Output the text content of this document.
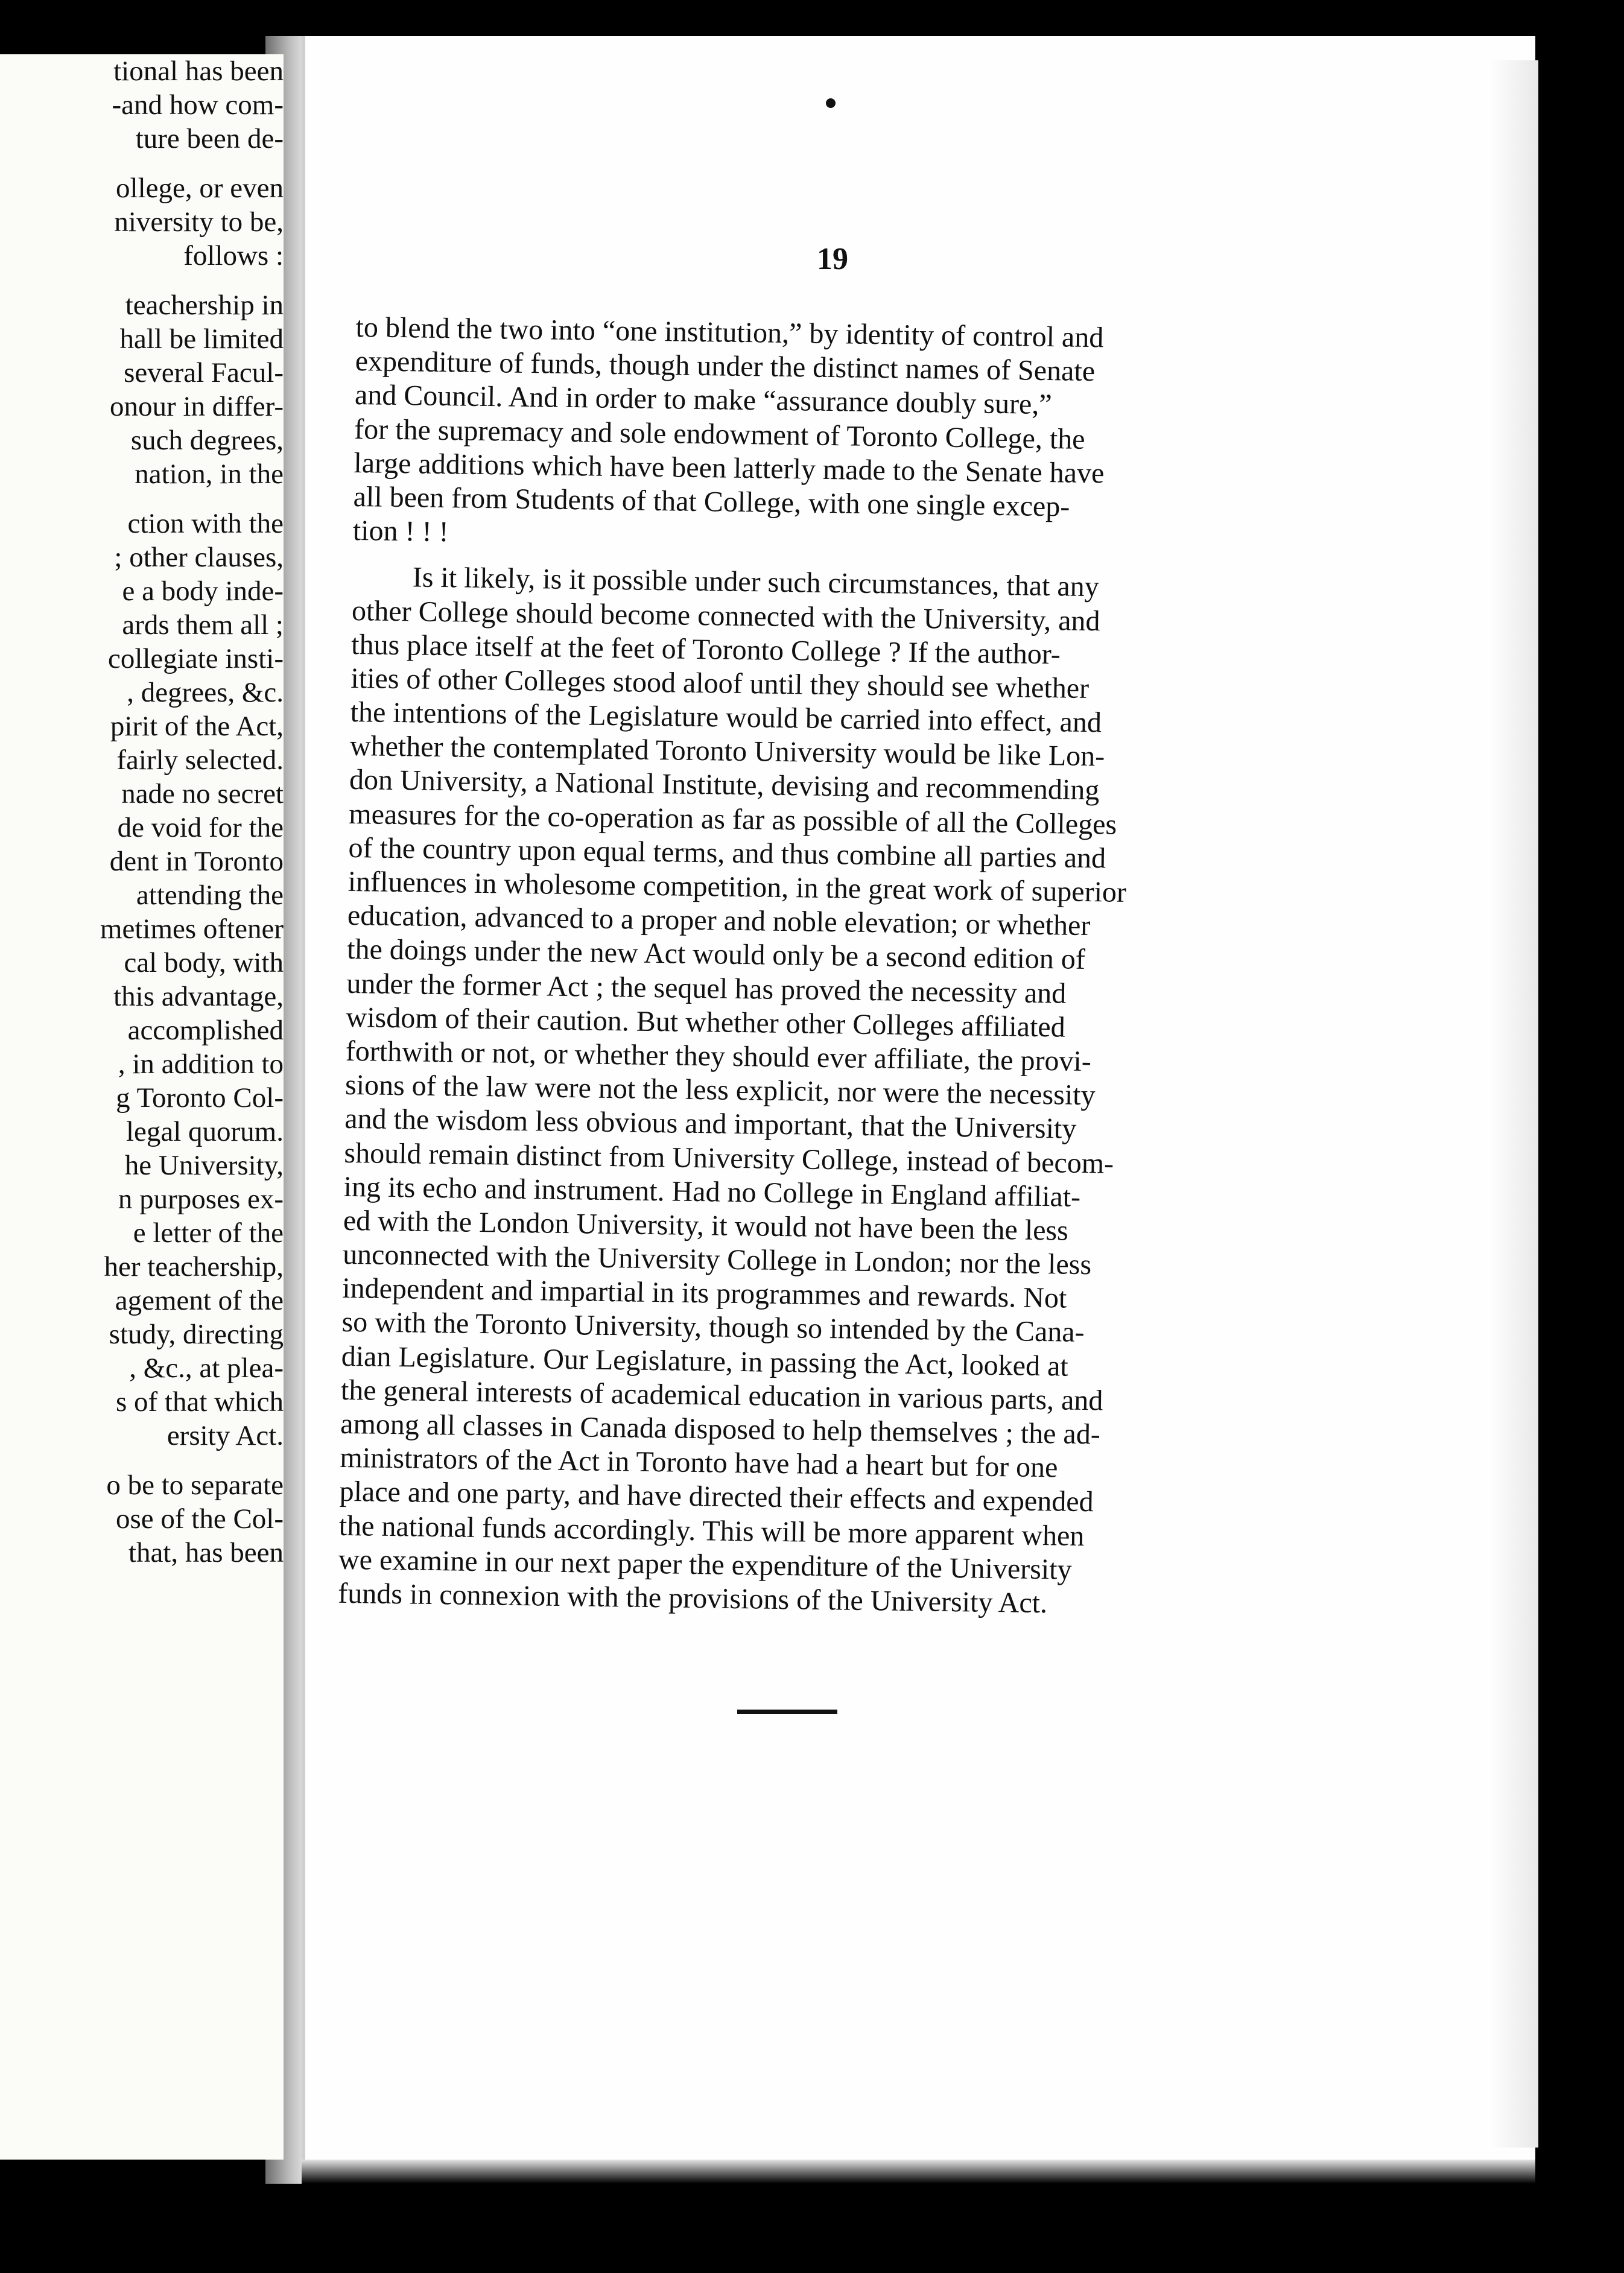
tional has been
-and how com-
ture been de-
ollege, or even
niversity to be,
follows :
teachership in
hall be limited
several Facul-
onour in differ-
such degrees,
nation, in the
ction with the
; other clauses,
e a body inde-
ards them all ;
collegiate insti-
, degrees, &c.
pirit of the Act,
fairly selected.
nade no secret
de void for the
dent in Toronto
attending the
metimes oftener
cal body, with
this advantage,
accomplished
, in addition to
g Toronto Col-
legal quorum.
he University,
n purposes ex-
e letter of the
her teachership,
agement of the
study, directing
, &c., at plea-
s of that which
ersity Act.
o be to separate
ose of the Col-
that, has been
19
to blend the two into “one institution,” by identity of control and
expenditure of funds, though under the distinct names of Senate
and Council. And in order to make “assurance doubly sure,”
for the supremacy and sole endowment of Toronto College, the
large additions which have been latterly made to the Senate have
all been from Students of that College, with one single excep-
tion ! ! !
Is it likely, is it possible under such circumstances, that any
other College should become connected with the University, and
thus place itself at the feet of Toronto College ? If the author-
ities of other Colleges stood aloof until they should see whether
the intentions of the Legislature would be carried into effect, and
whether the contemplated Toronto University would be like Lon-
don University, a National Institute, devising and recommending
measures for the co-operation as far as possible of all the Colleges
of the country upon equal terms, and thus combine all parties and
influences in wholesome competition, in the great work of superior
education, advanced to a proper and noble elevation; or whether
the doings under the new Act would only be a second edition of
under the former Act ; the sequel has proved the necessity and
wisdom of their caution. But whether other Colleges affiliated
forthwith or not, or whether they should ever affiliate, the provi-
sions of the law were not the less explicit, nor were the necessity
and the wisdom less obvious and important, that the University
should remain distinct from University College, instead of becom-
ing its echo and instrument. Had no College in England affiliat-
ed with the London University, it would not have been the less
unconnected with the University College in London; nor the less
independent and impartial in its programmes and rewards. Not
so with the Toronto University, though so intended by the Cana-
dian Legislature. Our Legislature, in passing the Act, looked at
the general interests of academical education in various parts, and
among all classes in Canada disposed to help themselves ; the ad-
ministrators of the Act in Toronto have had a heart but for one
place and one party, and have directed their effects and expended
the national funds accordingly. This will be more apparent when
we examine in our next paper the expenditure of the University
funds in connexion with the provisions of the University Act.
